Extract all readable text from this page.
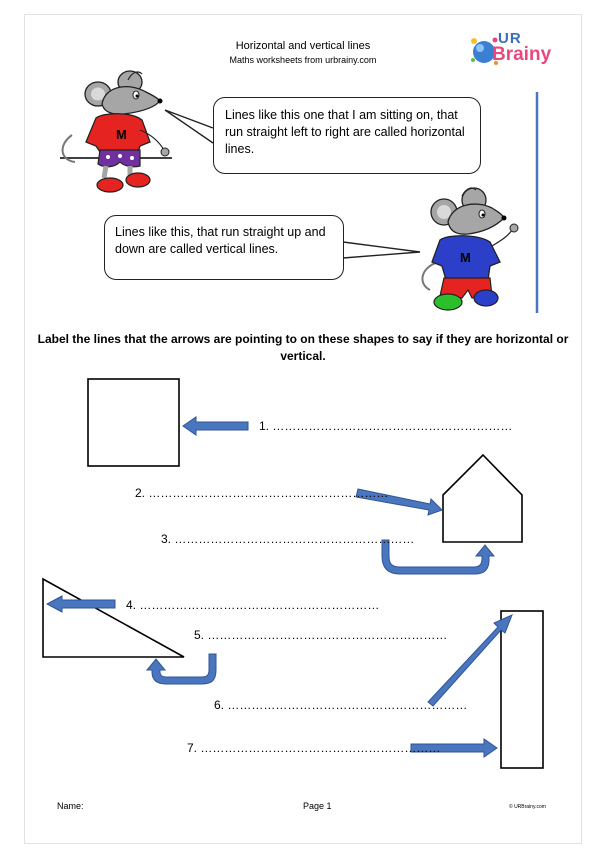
Horizontal and vertical lines
Maths worksheets from urbrainy.com
UR
Brainy
M
M
Lines like this one that I am sitting on, that run straight left to right are called horizontal lines.
Lines like this, that run straight up and down are called vertical lines.
Label the lines that the arrows are pointing to on these shapes to say if they are horizontal or vertical.
1. ……………………………………………………
2. ……………………………………………………
3. ……………………………………………………
4. ……………………………………………………
5. ……………………………………………………
6. ……………………………………………………
7. ……………………………………………………
Name:	Page 1	© URBrainy.com
